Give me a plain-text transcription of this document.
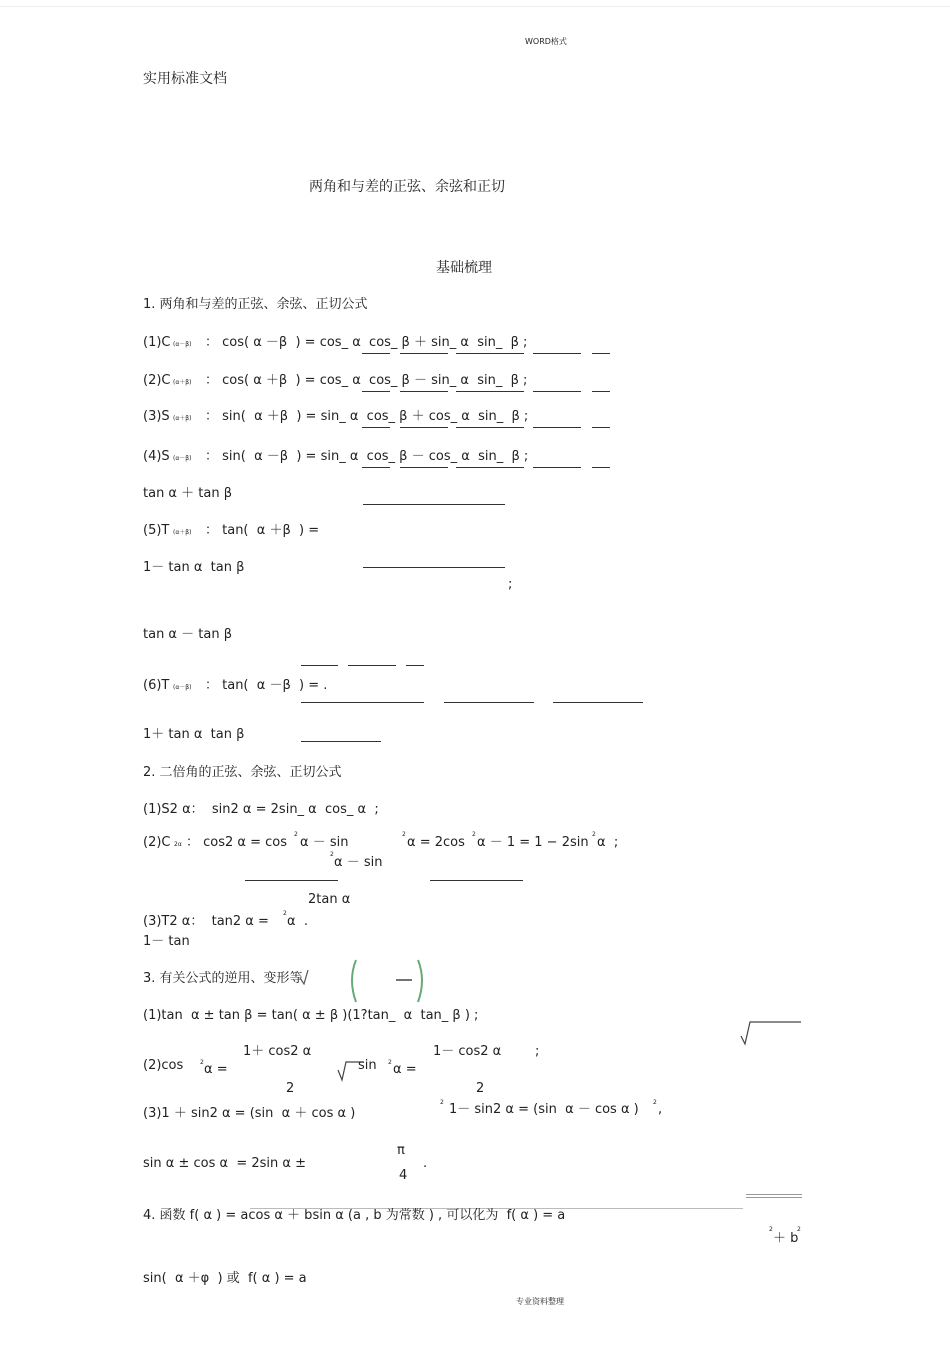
WORD格式
实用标准文档
两角和与差的正弦、余弦和正切
基础梳理
1. 两角和与差的正弦、余弦、正切公式
(1)C (α－β) ： cos( α －β  ) = cos_ α  cos_ β ＋ sin_ α  sin_  β ;
(2)C (α＋β) ： cos( α ＋β  ) = cos_ α  cos_ β － sin_ α  sin_  β ;
(3)S (α＋β) ： sin(  α ＋β  ) = sin_ α  cos_ β ＋ cos_ α  sin_  β ;
(4)S (α－β) ： sin(  α －β  ) = sin_ α  cos_ β － cos_ α  sin_  β ;
tan α ＋ tan β
(5)T (α＋β) ： tan(  α ＋β  ) =
1－ tan α  tan β
;
tan α － tan β
(6)T (α－β) ： tan(  α －β  ) = .
1＋ tan α  tan β
2. 二倍角的正弦、余弦、正切公式
(1)S2 α：  sin2 α = 2sin_ α  cos_ α  ;
(2)C 2α ： cos2 α = cos
2
α － sin
2
α = 2cos
2
α － 1 = 1 − 2sin
2
α  ;
2
α － sin
2tan α
(3)T2 α：  tan2 α =
2
α  .
1－ tan
3. 有关公式的逆用、变形等
(1)tan  α ± tan β = tan( α ± β )(1?tan_  α  tan_ β ) ;
1＋ cos2 α	1－ cos2 α	;
(2)cos	2 α =	sin 2 α =
2	2
(3)1 ＋ sin2 α = (sin  α ＋ cos α )
2 1－ sin2 α = (sin  α － cos α ) 2 ,
π
sin α ± cos α  = 2sin α ±	.
4
4. 函数 f( α ) = acos α ＋ bsin α (a , b 为常数 ) , 可以化为  f( α ) = a
2
＋ b
2
sin(  α ＋φ  ) 或  f( α ) = a
专业资料整理
